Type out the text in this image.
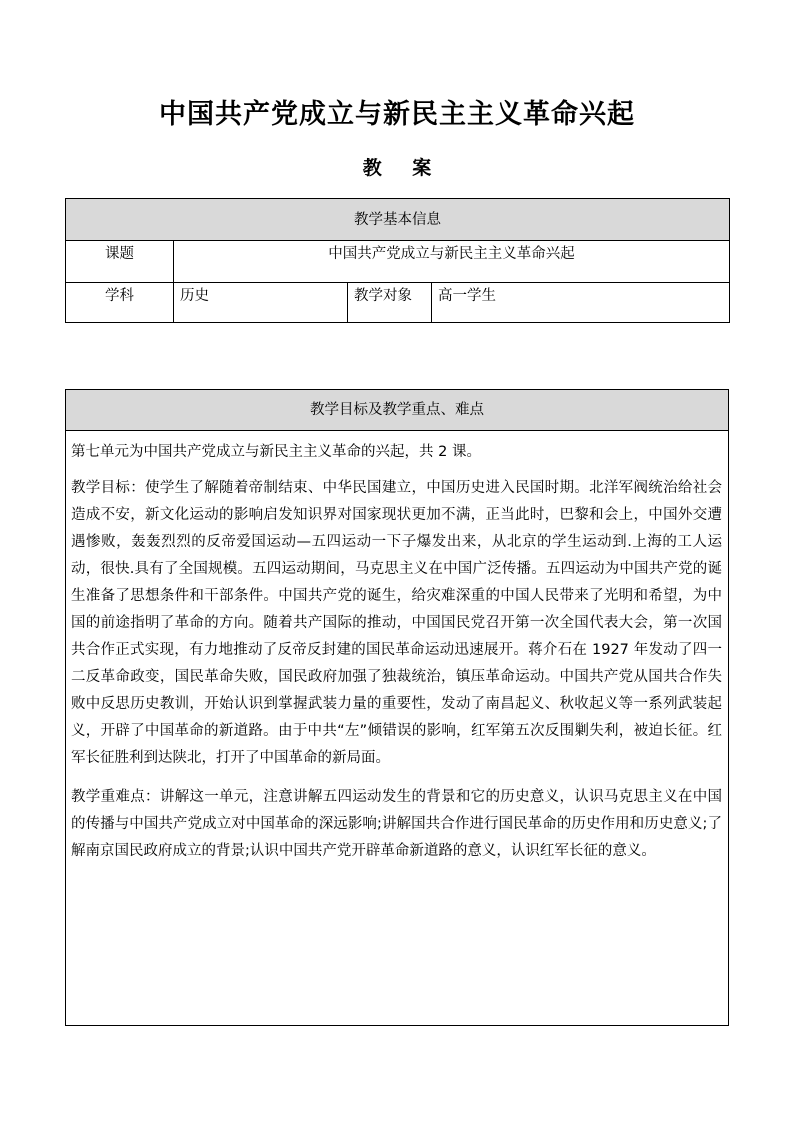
中国共产党成立与新民主主义革命兴起
教 案
教学基本信息			
课题	中国共产党成立与新民主主义革命兴起		
学科	历史	教学对象	高一学生
教学目标及教学重点、难点

第七单元为中国共产党成立与新民主主义革命的兴起，共 2 课。

教学目标：使学生了解随着帝制结束、中华民国建立，中国历史进入民国时期。北洋军阀统治给社会造成不安，新文化运动的影响启发知识界对国家现状更加不满，正当此时，巴黎和会上，中国外交遭遇惨败，轰轰烈烈的反帝爱国运动—五四运动一下子爆发出来，从北京的学生运动到.上海的工人运动，很快.具有了全国规模。五四运动期间，马克思主义在中国广泛传播。五四运动为中国共产党的诞生准备了思想条件和干部条件。中国共产党的诞生，给灾难深重的中国人民带来了光明和希望，为中国的前途指明了革命的方向。随着共产国际的推动，中国国民党召开第一次全国代表大会，第一次国共合作正式实现，有力地推动了反帝反封建的国民革命运动迅速展开。蒋介石在 1927 年发动了四一二反革命政变，国民革命失败，国民政府加强了独裁统治，镇压革命运动。中国共产党从国共合作失败中反思历史教训，开始认识到掌握武装力量的重要性，发动了南昌起义、秋收起义等一系列武装起义，开辟了中国革命的新道路。由于中共“左”倾错误的影响，红军第五次反围剿失利，被迫长征。红军长征胜利到达陕北，打开了中国革命的新局面。

教学重难点：讲解这一单元，注意讲解五四运动发生的背景和它的历史意义，认识马克思主义在中国的传播与中国共产党成立对中国革命的深远影响;讲解国共合作进行国民革命的历史作用和历史意义;了解南京国民政府成立的背景;认识中国共产党开辟革命新道路的意义，认识红军长征的意义。
